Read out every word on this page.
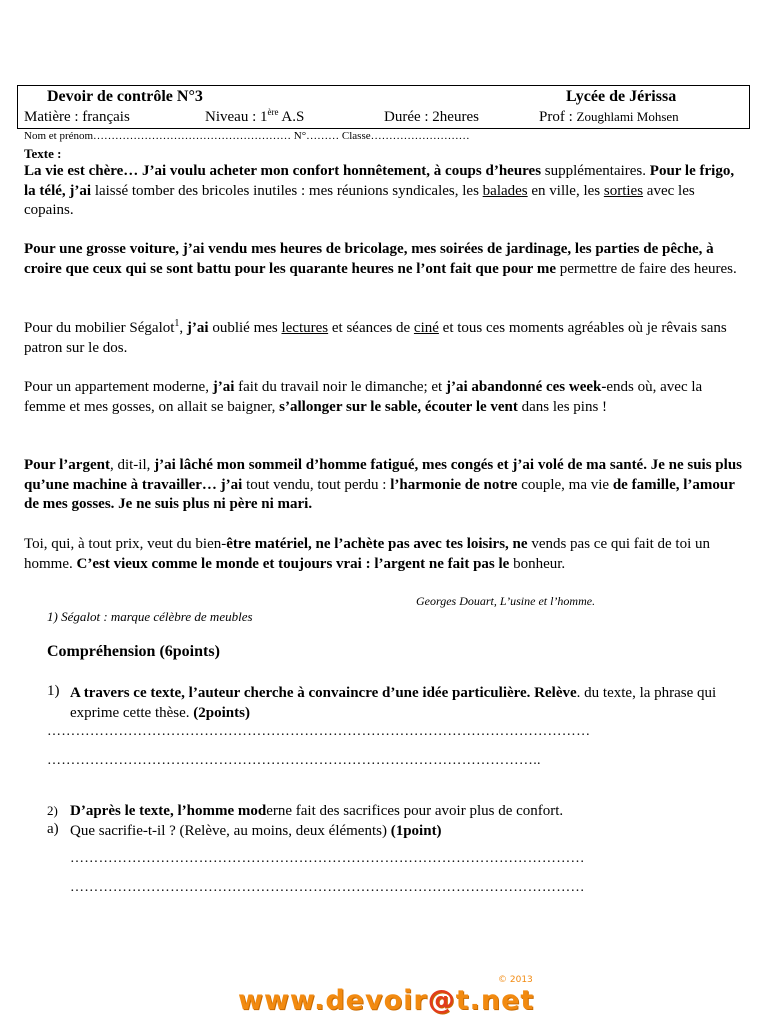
Devoir de contrôle N°3	Lycée de Jérissa
Matière : français	Niveau : 1ère A.S	Durée : 2heures	Prof : Zoughlami Mohsen
Nom et prénom……………………………………………… N°……… Classe………………………
Texte :

La vie est chère… J’ai voulu acheter mon confort honnêtement, à coups d’heures supplémentaires. Pour le frigo, la télé, j’ai laissé tomber des bricoles inutiles : mes réunions syndicales, les balades en ville, les sorties avec les copains.

Pour une grosse voiture, j’ai vendu mes heures de bricolage, mes soirées de jardinage, les parties de pêche, à croire que ceux qui se sont battu pour les quarante heures ne l’ont fait que pour me permettre de faire des heures.

Pour du mobilier Ségalot$^1$, j’ai oublié mes lectures et séances de ciné et tous ces moments agréables où je rêvais sans patron sur le dos.

Pour un appartement moderne, j’ai fait du travail noir le dimanche; et j’ai abandonné ces week-ends où, avec la femme et mes gosses, on allait se baigner, s’allonger sur le sable, écouter le vent dans les pins !

Pour l’argent, dit-il, j’ai lâché mon sommeil d’homme fatigué, mes congés et j’ai volé de ma santé. Je ne suis plus qu’une machine à travailler… j’ai tout vendu, tout perdu : l’harmonie de notre couple, ma vie de famille, l’amour de mes gosses. Je ne suis plus ni père ni mari.

Toi, qui, à tout prix, veut du bien-être matériel, ne l’achète pas avec tes loisirs, ne vends pas ce qui fait de toi un homme. C’est vieux comme le monde et toujours vrai : l’argent ne fait pas le bonheur.

Georges Douart, L’usine et l’homme.
1) Ségalot : marque célèbre de meubles
Compréhension (6points)
1) A travers ce texte, l’auteur cherche à convaincre d’une idée particulière. Relève. du texte, la phrase qui exprime cette thèse. (2points)
……………………………………………………………………………………………………
…………………………………………………………………………………………..
2) D’après le texte, l’homme moderne fait des sacrifices pour avoir plus de confort.
a) Que sacrifie-t-il ? (Relève, au moins, deux éléments) (1point)
………………………………………………………………………………………………
………………………………………………………………………………………………
www.devoir@t.net
© 2013
